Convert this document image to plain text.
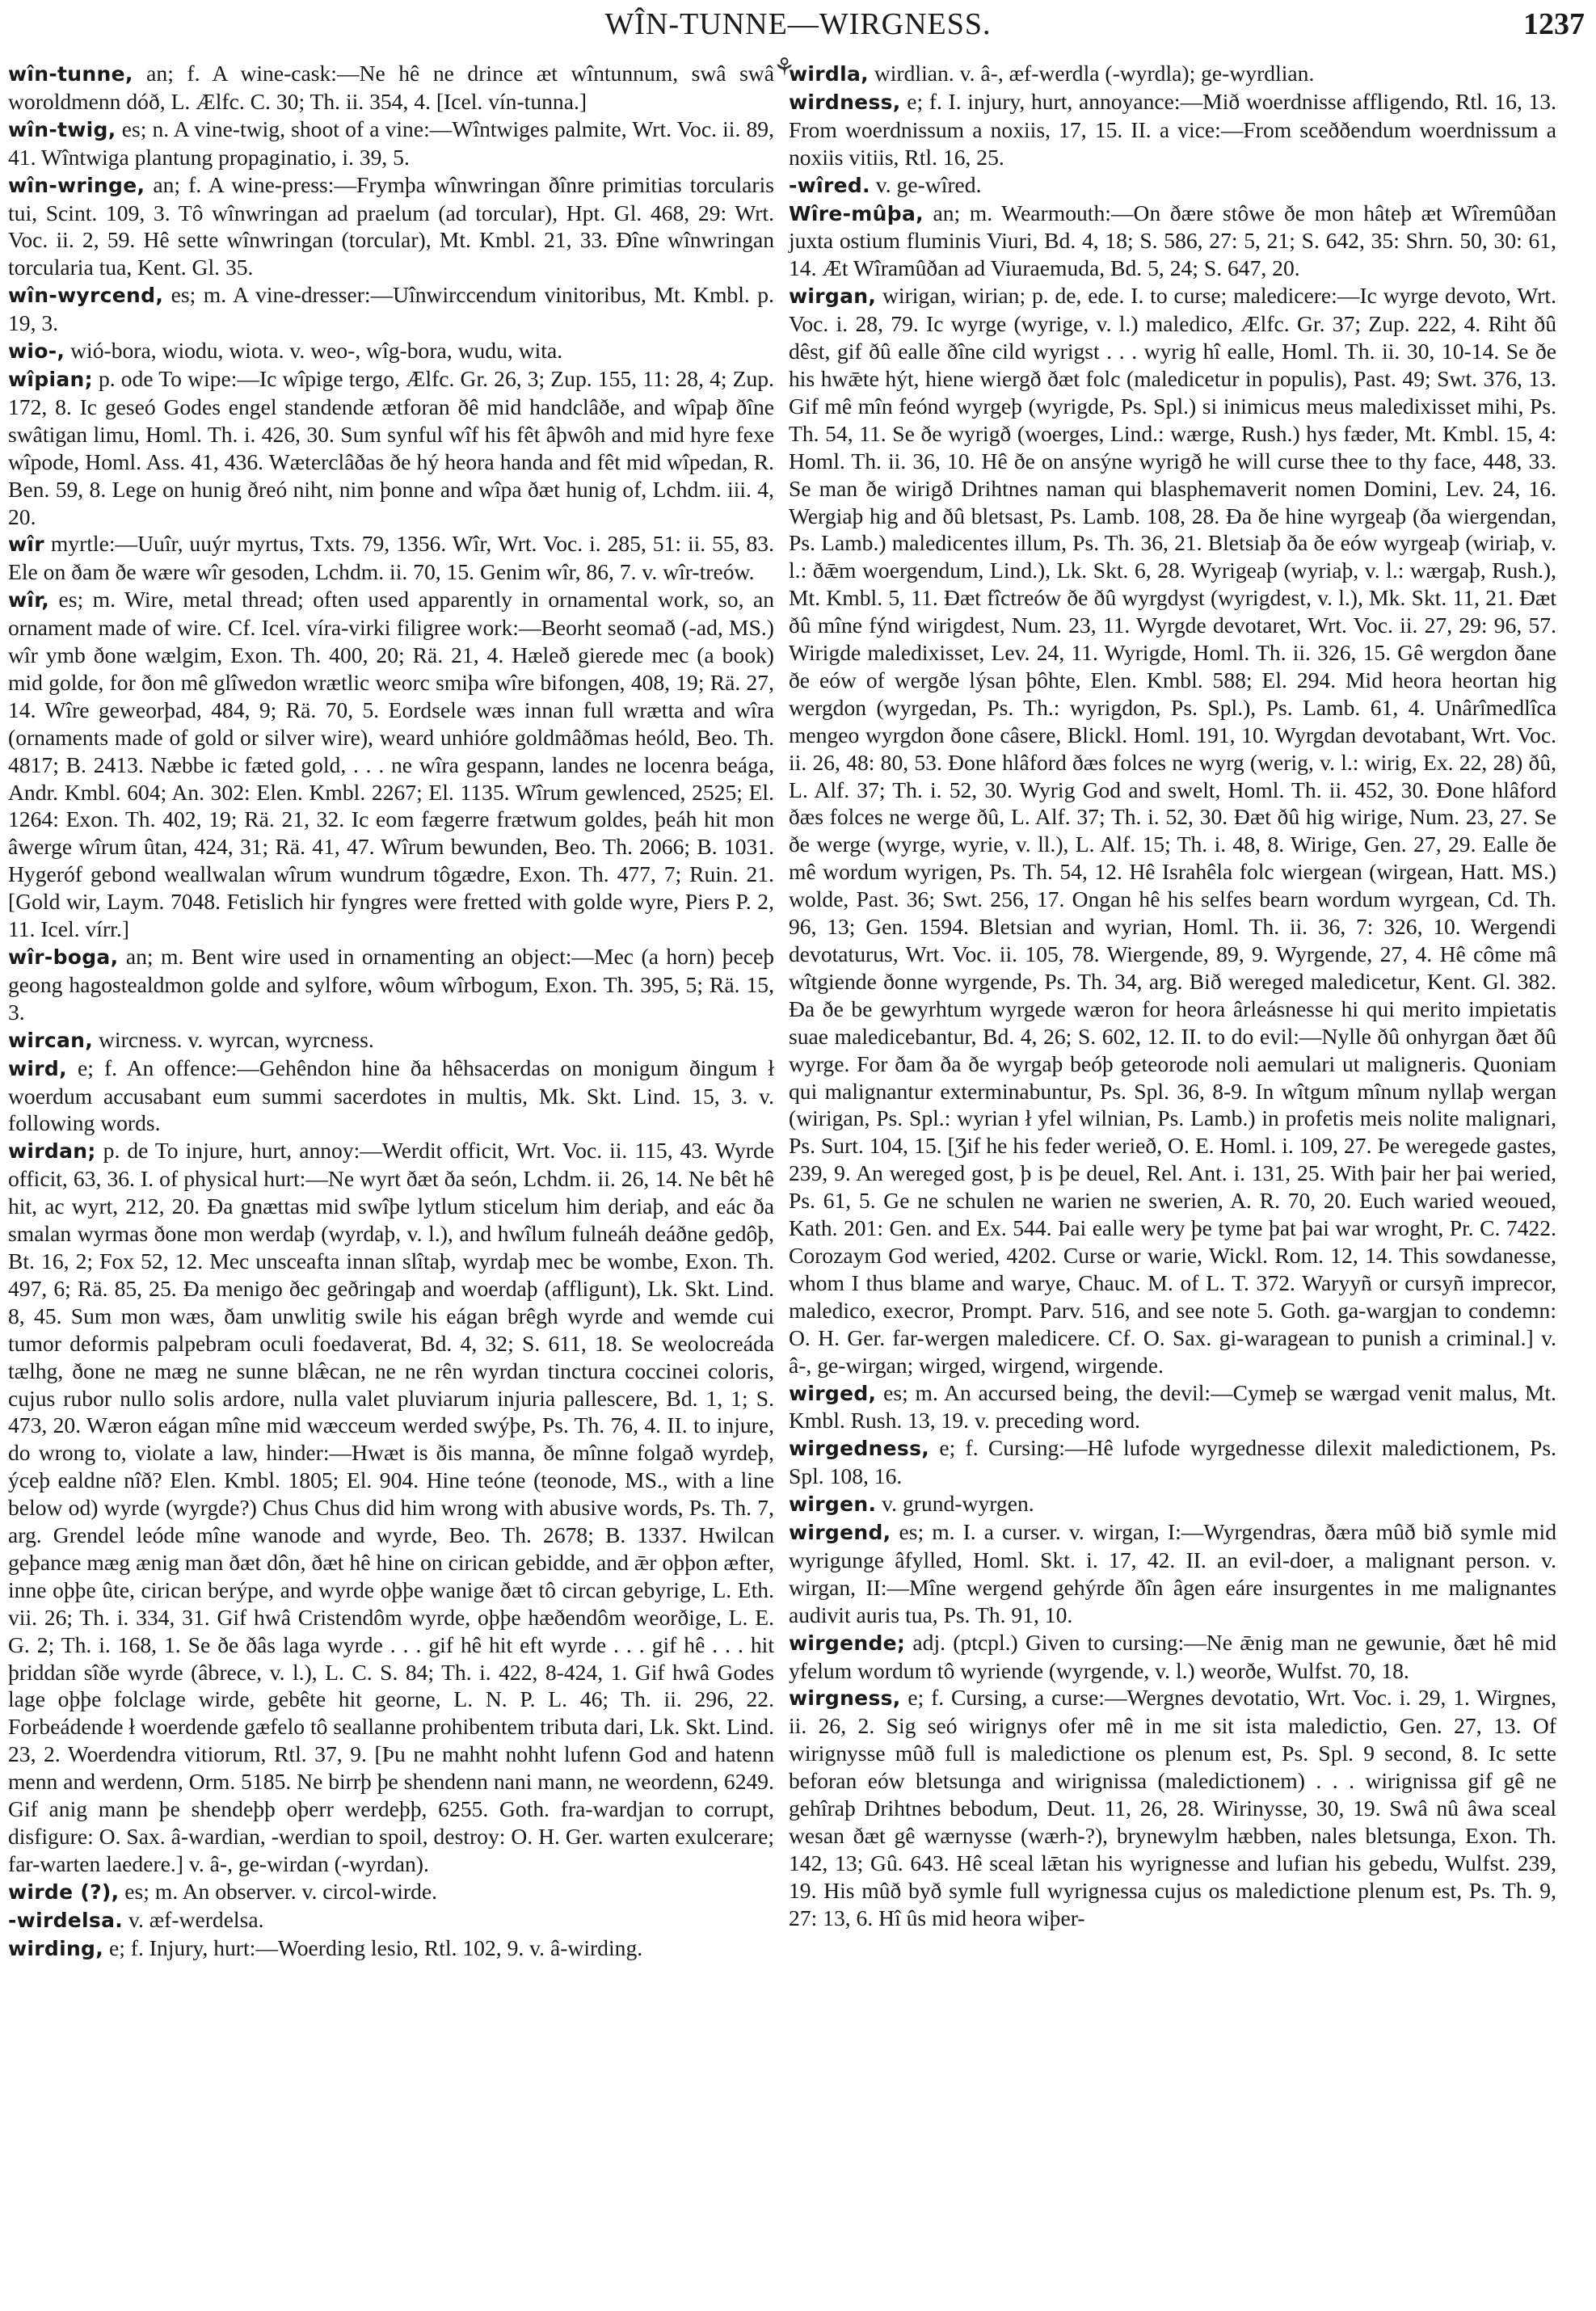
WÎN-TUNNE—WIRGNESS.	1237
⚘

wîn-tunne, an; f. A wine-cask:—Ne hê ne drince æt wîntunnum, swâ swâ woroldmenn dóð, L. Ælfc. C. 30; Th. ii. 354, 4. [Icel. vín-tunna.]

wîn-twig, es; n. A vine-twig, shoot of a vine:—Wîntwiges palmite, Wrt. Voc. ii. 89, 41. Wîntwiga plantung propaginatio, i. 39, 5.

wîn-wringe, an; f. A wine-press:—Frymþa wînwringan ðînre primitias torcularis tui, Scint. 109, 3. Tô wînwringan ad praelum (ad torcular), Hpt. Gl. 468, 29: Wrt. Voc. ii. 2, 59. Hê sette wînwringan (torcular), Mt. Kmbl. 21, 33. Ðîne wînwringan torcularia tua, Kent. Gl. 35.

wîn-wyrcend, es; m. A vine-dresser:—Uînwirccendum vinitoribus, Mt. Kmbl. p. 19, 3.

wio-, wió-bora, wiodu, wiota. v. weo-, wîg-bora, wudu, wita.

wîpian; p. ode To wipe:—Ic wîpige tergo, Ælfc. Gr. 26, 3; Zup. 155, 11: 28, 4; Zup. 172, 8. Ic geseó Godes engel standende ætforan ðê mid handclâðe, and wîpaþ ðîne swâtigan limu, Homl. Th. i. 426, 30. Sum synful wîf his fêt âþwôh and mid hyre fexe wîpode, Homl. Ass. 41, 436. Wæterclâðas ðe hý heora handa and fêt mid wîpedan, R. Ben. 59, 8. Lege on hunig ðreó niht, nim þonne and wîpa ðæt hunig of, Lchdm. iii. 4, 20.

wîr myrtle:—Uuîr, uuýr myrtus, Txts. 79, 1356. Wîr, Wrt. Voc. i. 285, 51: ii. 55, 83. Ele on ðam ðe wære wîr gesoden, Lchdm. ii. 70, 15. Genim wîr, 86, 7. v. wîr-treów.

wîr, es; m. Wire, metal thread; often used apparently in ornamental work, so, an ornament made of wire. Cf. Icel. víra-virki filigree work:—Beorht seomað (-ad, MS.) wîr ymb ðone wælgim, Exon. Th. 400, 20; Rä. 21, 4. Hæleð gierede mec (a book) mid golde, for ðon mê glîwedon wrætlic weorc smiþa wîre bifongen, 408, 19; Rä. 27, 14. Wîre geweorþad, 484, 9; Rä. 70, 5. Eordsele wæs innan full wrætta and wîra (ornaments made of gold or silver wire), weard unhióre goldmâðmas heóld, Beo. Th. 4817; B. 2413. Næbbe ic fæted gold, . . . ne wîra gespann, landes ne locenra beága, Andr. Kmbl. 604; An. 302: Elen. Kmbl. 2267; El. 1135. Wîrum gewlenced, 2525; El. 1264: Exon. Th. 402, 19; Rä. 21, 32. Ic eom fægerre frætwum goldes, þeáh hit mon âwerge wîrum ûtan, 424, 31; Rä. 41, 47. Wîrum bewunden, Beo. Th. 2066; B. 1031. Hygeróf gebond weallwalan wîrum wundrum tôgædre, Exon. Th. 477, 7; Ruin. 21. [Gold wir, Laym. 7048. Fetislich hir fyngres were fretted with golde wyre, Piers P. 2, 11. Icel. vírr.]

wîr-boga, an; m. Bent wire used in ornamenting an object:—Mec (a horn) þeceþ geong hagostealdmon golde and sylfore, wôum wîrbogum, Exon. Th. 395, 5; Rä. 15, 3.

wircan, wircness. v. wyrcan, wyrcness.

wird, e; f. An offence:—Gehêndon hine ða hêhsacerdas on monigum ðingum ł woerdum accusabant eum summi sacerdotes in multis, Mk. Skt. Lind. 15, 3. v. following words.

wirdan; p. de To injure, hurt, annoy:—Werdit officit, Wrt. Voc. ii. 115, 43. Wyrde officit, 63, 36. I. of physical hurt:—Ne wyrt ðæt ða seón, Lchdm. ii. 26, 14. Ne bêt hê hit, ac wyrt, 212, 20. Ða gnættas mid swîþe lytlum sticelum him deriaþ, and eác ða smalan wyrmas ðone mon werdaþ (wyrdaþ, v. l.), and hwîlum fulneáh deáðne gedôþ, Bt. 16, 2; Fox 52, 12. Mec unsceafta innan slîtaþ, wyrdaþ mec be wombe, Exon. Th. 497, 6; Rä. 85, 25. Ða menigo ðec geðringaþ and woerdaþ (affligunt), Lk. Skt. Lind. 8, 45. Sum mon wæs, ðam unwlitig swile his eágan brêgh wyrde and wemde cui tumor deformis palpebram oculi foedaverat, Bd. 4, 32; S. 611, 18. Se weolocreáda tælhg, ðone ne mæg ne sunne blæ̂can, ne ne rên wyrdan tinctura coccinei coloris, cujus rubor nullo solis ardore, nulla valet pluviarum injuria pallescere, Bd. 1, 1; S. 473, 20. Wæron eágan mîne mid wæcceum werded swýþe, Ps. Th. 76, 4. II. to injure, do wrong to, violate a law, hinder:—Hwæt is ðis manna, ðe mînne folgað wyrdeþ, ýceþ ealdne nîð? Elen. Kmbl. 1805; El. 904. Hine teóne (teonode, MS., with a line below od) wyrde (wyrgde?) Chus Chus did him wrong with abusive words, Ps. Th. 7, arg. Grendel leóde mîne wanode and wyrde, Beo. Th. 2678; B. 1337. Hwilcan geþance mæg ænig man ðæt dôn, ðæt hê hine on cirican gebidde, and ǣr oþþon æfter, inne oþþe ûte, cirican berýpe, and wyrde oþþe wanige ðæt tô circan gebyrige, L. Eth. vii. 26; Th. i. 334, 31. Gif hwâ Cristendôm wyrde, oþþe hæðendôm weorðige, L. E. G. 2; Th. i. 168, 1. Se ðe ðâs laga wyrde . . . gif hê hit eft wyrde . . . gif hê . . . hit þriddan sîðe wyrde (âbrece, v. l.), L. C. S. 84; Th. i. 422, 8-424, 1. Gif hwâ Godes lage oþþe folclage wirde, gebête hit georne, L. N. P. L. 46; Th. ii. 296, 22. Forbeádende ł woerdende gæfelo tô seallanne prohibentem tributa dari, Lk. Skt. Lind. 23, 2. Woerdendra vitiorum, Rtl. 37, 9. [Þu ne mahht nohht lufenn God and hatenn menn and werdenn, Orm. 5185. Ne birrþ þe shendenn nani mann, ne weordenn, 6249. Gif anig mann þe shendeþþ oþerr werdeþþ, 6255. Goth. fra-wardjan to corrupt, disfigure: O. Sax. â-wardian, -werdian to spoil, destroy: O. H. Ger. warten exulcerare; far-warten laedere.] v. â-, ge-wirdan (-wyrdan).

wirde (?), es; m. An observer. v. circol-wirde.

-wirdelsa. v. æf-werdelsa.

wirding, e; f. Injury, hurt:—Woerding lesio, Rtl. 102, 9. v. â-wirding.

wirdla, wirdlian. v. â-, æf-werdla (-wyrdla); ge-wyrdlian.

wirdness, e; f. I. injury, hurt, annoyance:—Mið woerdnisse affligendo, Rtl. 16, 13. From woerdnissum a noxiis, 17, 15. II. a vice:—From sceððendum woerdnissum a noxiis vitiis, Rtl. 16, 25.

-wîred. v. ge-wîred.

Wîre-mûþa, an; m. Wearmouth:—On ðære stôwe ðe mon hâteþ æt Wîremûðan juxta ostium fluminis Viuri, Bd. 4, 18; S. 586, 27: 5, 21; S. 642, 35: Shrn. 50, 30: 61, 14. Æt Wîramûðan ad Viuraemuda, Bd. 5, 24; S. 647, 20.

wirgan, wirigan, wirian; p. de, ede. I. to curse; maledicere:—Ic wyrge devoto, Wrt. Voc. i. 28, 79. Ic wyrge (wyrige, v. l.) maledico, Ælfc. Gr. 37; Zup. 222, 4. Riht ðû dêst, gif ðû ealle ðîne cild wyrigst . . . wyrig hî ealle, Homl. Th. ii. 30, 10-14. Se ðe his hwǣte hýt, hiene wiergð ðæt folc (maledicetur in populis), Past. 49; Swt. 376, 13. Gif mê mîn feónd wyrgeþ (wyrigde, Ps. Spl.) si inimicus meus maledixisset mihi, Ps. Th. 54, 11. Se ðe wyrigð (woerges, Lind.: wærge, Rush.) hys fæder, Mt. Kmbl. 15, 4: Homl. Th. ii. 36, 10. Hê ðe on ansýne wyrigð he will curse thee to thy face, 448, 33. Se man ðe wirigð Drihtnes naman qui blasphemaverit nomen Domini, Lev. 24, 16. Wergiaþ hig and ðû bletsast, Ps. Lamb. 108, 28. Ða ðe hine wyrgeaþ (ða wiergendan, Ps. Lamb.) maledicentes illum, Ps. Th. 36, 21. Bletsiaþ ða ðe eów wyrgeaþ (wiriaþ, v. l.: ðǣm woergendum, Lind.), Lk. Skt. 6, 28. Wyrigeaþ (wyriaþ, v. l.: wærgaþ, Rush.), Mt. Kmbl. 5, 11. Ðæt fîctreów ðe ðû wyrgdyst (wyrigdest, v. l.), Mk. Skt. 11, 21. Ðæt ðû mîne fýnd wirigdest, Num. 23, 11. Wyrgde devotaret, Wrt. Voc. ii. 27, 29: 96, 57. Wirigde maledixisset, Lev. 24, 11. Wyrigde, Homl. Th. ii. 326, 15. Gê wergdon ðane ðe eów of wergðe lýsan þôhte, Elen. Kmbl. 588; El. 294. Mid heora heortan hig wergdon (wyrgedan, Ps. Th.: wyrigdon, Ps. Spl.), Ps. Lamb. 61, 4. Unârîmedlîca mengeo wyrgdon ðone câsere, Blickl. Homl. 191, 10. Wyrgdan devotabant, Wrt. Voc. ii. 26, 48: 80, 53. Ðone hlâford ðæs folces ne wyrg (werig, v. l.: wirig, Ex. 22, 28) ðû, L. Alf. 37; Th. i. 52, 30. Wyrig God and swelt, Homl. Th. ii. 452, 30. Ðone hlâford ðæs folces ne werge ðû, L. Alf. 37; Th. i. 52, 30. Ðæt ðû hig wirige, Num. 23, 27. Se ðe werge (wyrge, wyrie, v. ll.), L. Alf. 15; Th. i. 48, 8. Wirige, Gen. 27, 29. Ealle ðe mê wordum wyrigen, Ps. Th. 54, 12. Hê Israhêla folc wiergean (wirgean, Hatt. MS.) wolde, Past. 36; Swt. 256, 17. Ongan hê his selfes bearn wordum wyrgean, Cd. Th. 96, 13; Gen. 1594. Bletsian and wyrian, Homl. Th. ii. 36, 7: 326, 10. Wergendi devotaturus, Wrt. Voc. ii. 105, 78. Wiergende, 89, 9. Wyrgende, 27, 4. Hê côme mâ wîtgiende ðonne wyrgende, Ps. Th. 34, arg. Bið wereged maledicetur, Kent. Gl. 382. Ða ðe be gewyrhtum wyrgede wæron for heora ârleásnesse hi qui merito impietatis suae maledicebantur, Bd. 4, 26; S. 602, 12. II. to do evil:—Nylle ðû onhyrgan ðæt ðû wyrge. For ðam ða ðe wyrgaþ beóþ geteorode noli aemulari ut maligneris. Quoniam qui malignantur exterminabuntur, Ps. Spl. 36, 8-9. In wîtgum mînum nyllaþ wergan (wirigan, Ps. Spl.: wyrian ł yfel wilnian, Ps. Lamb.) in profetis meis nolite malignari, Ps. Surt. 104, 15. [Ʒif he his feder werieð, O. E. Homl. i. 109, 27. Þe weregede gastes, 239, 9. An wereged gost, þ is þe deuel, Rel. Ant. i. 131, 25. With þair her þai weried, Ps. 61, 5. Ge ne schulen ne warien ne swerien, A. R. 70, 20. Euch waried weoued, Kath. 201: Gen. and Ex. 544. Þai ealle wery þe tyme þat þai war wroght, Pr. C. 7422. Corozaym God weried, 4202. Curse or warie, Wickl. Rom. 12, 14. This sowdanesse, whom I thus blame and warye, Chauc. M. of L. T. 372. Waryyñ or cursyñ imprecor, maledico, execror, Prompt. Parv. 516, and see note 5. Goth. ga-wargjan to condemn: O. H. Ger. far-wergen maledicere. Cf. O. Sax. gi-waragean to punish a criminal.] v. â-, ge-wirgan; wirged, wirgend, wirgende.

wirged, es; m. An accursed being, the devil:—Cymeþ se wærgad venit malus, Mt. Kmbl. Rush. 13, 19. v. preceding word.

wirgedness, e; f. Cursing:—Hê lufode wyrgednesse dilexit maledictionem, Ps. Spl. 108, 16.

wirgen. v. grund-wyrgen.

wirgend, es; m. I. a curser. v. wirgan, I:—Wyrgendras, ðæra mûð bið symle mid wyrigunge âfylled, Homl. Skt. i. 17, 42. II. an evil-doer, a malignant person. v. wirgan, II:—Mîne wergend gehýrde ðîn âgen eáre insurgentes in me malignantes audivit auris tua, Ps. Th. 91, 10.

wirgende; adj. (ptcpl.) Given to cursing:—Ne ǣnig man ne gewunie, ðæt hê mid yfelum wordum tô wyriende (wyrgende, v. l.) weorðe, Wulfst. 70, 18.

wirgness, e; f. Cursing, a curse:—Wergnes devotatio, Wrt. Voc. i. 29, 1. Wirgnes, ii. 26, 2. Sig seó wirignys ofer mê in me sit ista maledictio, Gen. 27, 13. Of wirignysse mûð full is maledictione os plenum est, Ps. Spl. 9 second, 8. Ic sette beforan eów bletsunga and wirignissa (maledictionem) . . . wirignissa gif gê ne gehîraþ Drihtnes bebodum, Deut. 11, 26, 28. Wirinysse, 30, 19. Swâ nû âwa sceal wesan ðæt gê wærnysse (wærh-?), brynewylm hæbben, nales bletsunga, Exon. Th. 142, 13; Gû. 643. Hê sceal lǣtan his wyrignesse and lufian his gebedu, Wulfst. 239, 19. His mûð byð symle full wyrignessa cujus os maledictione plenum est, Ps. Th. 9, 27: 13, 6. Hî ûs mid heora wiþer-
